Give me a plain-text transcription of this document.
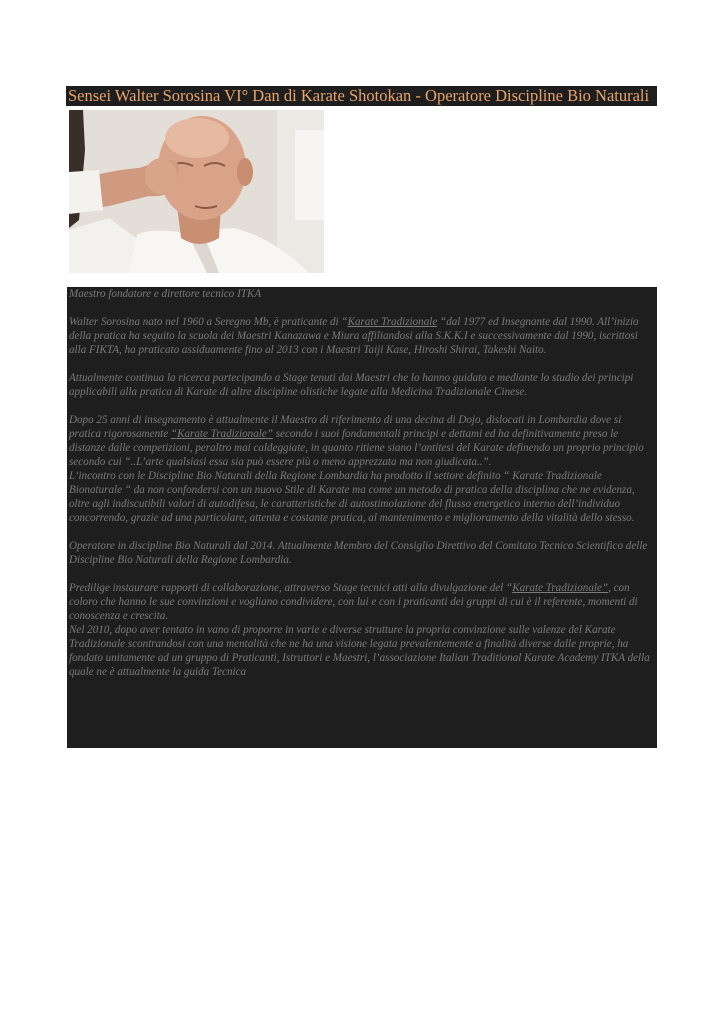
Sensei Walter Sorosina VI° Dan di Karate Shotokan - Operatore Discipline Bio Naturali

Maestro fondatore e direttore tecnico ITKA

Walter Sorosina nato nel 1960 a Seregno Mb, è praticante di “Karate Tradizionale “dal 1977 ed Insegnante dal 1990. All’inizio della pratica ha seguito la scuola dei Maestri Kanazawa e Miura affiliandosi alla S.K.K.I e successivamente dal 1990, iscrittosi alla FIKTA, ha praticato assiduamente fino al 2013 con i Maestri Taiji Kase, Hiroshi Shirai, Takeshi Naito.

Attualmente continua la ricerca partecipando a Stage tenuti dai Maestri che lo hanno guidato e mediante lo studio dei principi applicabili alla pratica di Karate di altre discipline olistiche legate alla Medicina Tradizionale Cinese.

Dopo 25 anni di insegnamento è attualmente il Maestro di riferimento di una decina di Dojo, dislocati in Lombardia dove si pratica rigorosamente “Karate Tradizionale” secondo i suoi fondamentali principi e dettami ed ha definitivamente preso le distanze dalle competizioni, peraltro mai caldeggiate, in quanto ritiene siano l’antitesi del Karate definendo un proprio principio secondo cui “..L’arte qualsiasi essa sia può essere più o meno apprezzata ma non giudicata..”.

L’incontro con le Discipline Bio Naturali della Regione Lombardia ha prodotto il settore definito “ Karate Tradizionale Bionaturale “ da non confondersi con un nuovo Stile di Karate ma come un metodo di pratica della disciplina che ne evidenza, oltre agli indiscutibili valori di autodifesa, le caratteristiche di autostimolazione del flusso energetico interno dell’individuo concorrendo, grazie ad una particolare, attenta e costante pratica, al mantenimento e miglioramento della vitalità dello stesso.

Operatore in discipline Bio Naturali dal 2014. Attualmente Membro del Consiglio Direttivo del Comitato Tecnico Scientifico delle Discipline Bio Naturali della Regione Lombardia.

Predilige instaurare rapporti di collaborazione, attraverso Stage tecnici atti alla divulgazione del “Karate Tradizionale”, con coloro che hanno le sue convinzioni e vogliano condividere, con lui e con i praticanti dei gruppi di cui è il referente, momenti di conoscenza e crescita.

Nel 2010, dopo aver tentato in vano di proporre in varie e diverse strutture la propria convinzione sulle valenze del Karate Tradizionale scontrandosi con una mentalità che ne ha una visione legata prevalentemente a finalità diverse dalle proprie, ha fondato unitamente ad un gruppo di Praticanti, Istruttori e Maestri, l’associazione Italian Traditional Karate Academy ITKA della quale ne è attualmente la guida Tecnica
